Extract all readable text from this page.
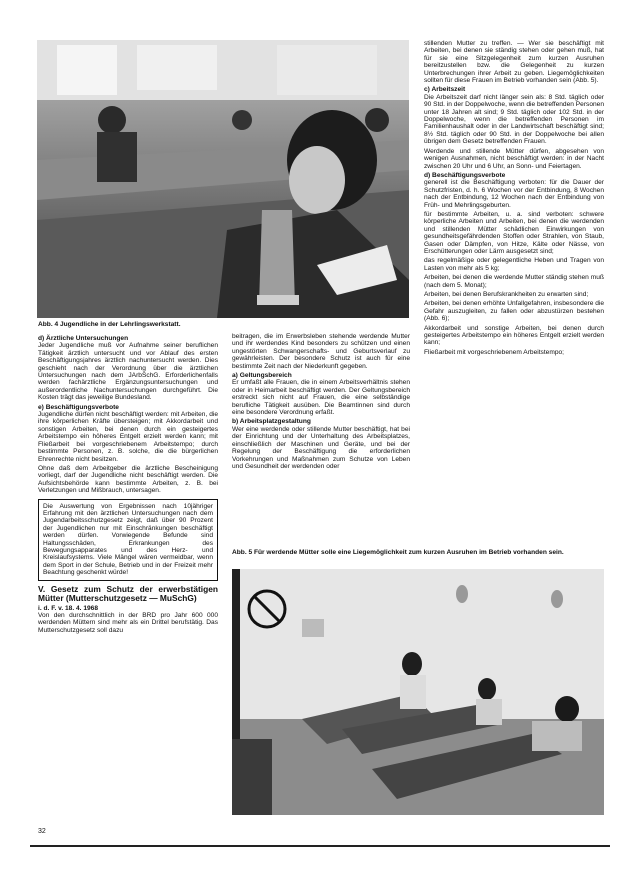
Abb. 4 Jugendliche in der Lehrlingswerkstatt.
d) Ärztliche Untersuchungen

Jeder Jugendliche muß vor Aufnahme seiner beruflichen Tätigkeit ärztlich untersucht und vor Ablauf des ersten Beschäftigungsjahres ärztlich nachuntersucht werden. Dies geschieht nach der Verordnung über die ärztlichen Untersuchungen nach dem JArbSchG. Erforderlichenfalls werden fachärztliche Ergänzungsuntersuchungen und außerordentliche Nachuntersuchungen durchgeführt. Die Kosten trägt das jeweilige Bundesland.

e) Beschäftigungsverbote

Jugendliche dürfen nicht beschäftigt werden: mit Arbeiten, die ihre körperlichen Kräfte übersteigen; mit Akkordarbeit und sonstigen Arbeiten, bei denen durch ein gesteigertes Arbeitstempo ein höheres Entgelt erzielt werden kann; mit Fließarbeit bei vorgeschriebenem Arbeitstempo; durch bestimmte Personen, z. B. solche, die die bürgerlichen Ehrenrechte nicht besitzen.

Ohne daß dem Arbeitgeber die ärztliche Bescheinigung vorliegt, darf der Jugendliche nicht beschäftigt werden. Die Aufsichtsbehörde kann bestimmte Arbeiten, z. B. bei Verletzungen und Mißbrauch, untersagen.

Die Auswertung von Ergebnissen nach 10jähriger Erfahrung mit den ärztlichen Untersuchungen nach dem Jugendarbeitsschutzgesetz zeigt, daß über 90 Prozent der Jugendlichen nur mit Einschränkungen beschäftigt werden dürfen. Vorwiegende Befunde sind Haltungsschäden, Erkrankungen des Bewegungsapparates und des Herz- und Kreislaufsystems. Viele Mängel wären vermeidbar, wenn dem Sport in der Schule, Betrieb und in der Freizeit mehr Beachtung geschenkt würde!
V. Gesetz zum Schutz der erwerbstätigen Mütter (Mutterschutzgesetz — MuSchG)
i. d. F. v. 18. 4. 1968

Von den durchschnittlich in der BRD pro Jahr 600 000 werdenden Müttern sind mehr als ein Drittel berufstätig. Das Mutterschutzgesetz soll dazu

beitragen, die im Erwerbsleben stehende werdende Mutter und ihr werdendes Kind besonders zu schützen und einen ungestörten Schwangerschafts- und Geburtsverlauf zu gewährleisten. Der besondere Schutz ist auch für eine bestimmte Zeit nach der Niederkunft gegeben.

a) Geltungsbereich

Er umfaßt alle Frauen, die in einem Arbeitsverhältnis stehen oder in Heimarbeit beschäftigt werden. Der Geltungsbereich erstreckt sich nicht auf Frauen, die eine selbständige berufliche Tätigkeit ausüben. Die Beamtinnen sind durch eine besondere Verordnung erfaßt.

b) Arbeitsplatzgestaltung

Wer eine werdende oder stillende Mutter beschäftigt, hat bei der Einrichtung und der Unterhaltung des Arbeitsplatzes, einschließlich der Maschinen und Geräte, und bei der Regelung der Beschäftigung die erforderlichen Vorkehrungen und Maßnahmen zum Schutze von Leben und Gesundheit der werdenden oder

stillenden Mutter zu treffen. — Wer sie beschäftigt mit Arbeiten, bei denen sie ständig stehen oder gehen muß, hat für sie eine Sitzgelegenheit zum kurzen Ausruhen bereitzustellen bzw. die Gelegenheit zu kurzen Unterbrechungen ihrer Arbeit zu geben. Liegemöglichkeiten sollten für diese Frauen im Betrieb vorhanden sein (Abb. 5).

c) Arbeitszeit

Die Arbeitszeit darf nicht länger sein als: 8 Std. täglich oder 90 Std. in der Doppelwoche, wenn die betreffenden Personen unter 18 Jahren alt sind; 9 Std. täglich oder 102 Std. in der Doppelwoche, wenn die betreffenden Personen im Familienhaushalt oder in der Landwirtschaft beschäftigt sind; 8½ Std. täglich oder 90 Std. in der Doppelwoche bei allen übrigen dem Gesetz betreffenden Frauen.

Werdende und stillende Mütter dürfen, abgesehen von wenigen Ausnahmen, nicht beschäftigt werden: in der Nacht zwischen 20 Uhr und 6 Uhr, an Sonn- und Feiertagen.

d) Beschäftigungsverbote

generell ist die Beschäftigung verboten: für die Dauer der Schutzfristen, d. h. 6 Wochen vor der Entbindung, 8 Wochen nach der Entbindung, 12 Wochen nach der Entbindung von Früh- und Mehrlingsgeburten.

für bestimmte Arbeiten, u. a. sind verboten: schwere körperliche Arbeiten und Arbeiten, bei denen die werdenden und stillenden Mütter schädlichen Einwirkungen von gesundheitsgefährdenden Stoffen oder Strahlen, von Staub, Gasen oder Dämpfen, von Hitze, Kälte oder Nässe, von Erschütterungen oder Lärm ausgesetzt sind;

das regelmäßige oder gelegentliche Heben und Tragen von Lasten von mehr als 5 kg;

Arbeiten, bei denen die werdende Mutter ständig stehen muß (nach dem 5. Monat);

Arbeiten, bei denen Berufskrankheiten zu erwarten sind;

Arbeiten, bei denen erhöhte Unfallgefahren, insbesondere die Gefahr auszugleiten, zu fallen oder abzustürzen bestehen (Abb. 6);

Akkordarbeit und sonstige Arbeiten, bei denen durch gesteigertes Arbeitstempo ein höheres Entgelt erzielt werden kann;

Fließarbeit mit vorgeschriebenem Arbeitstempo;

Abb. 5 Für werdende Mütter solle eine Liegemöglichkeit zum kurzen Ausruhen im Betrieb vorhanden sein.
32
